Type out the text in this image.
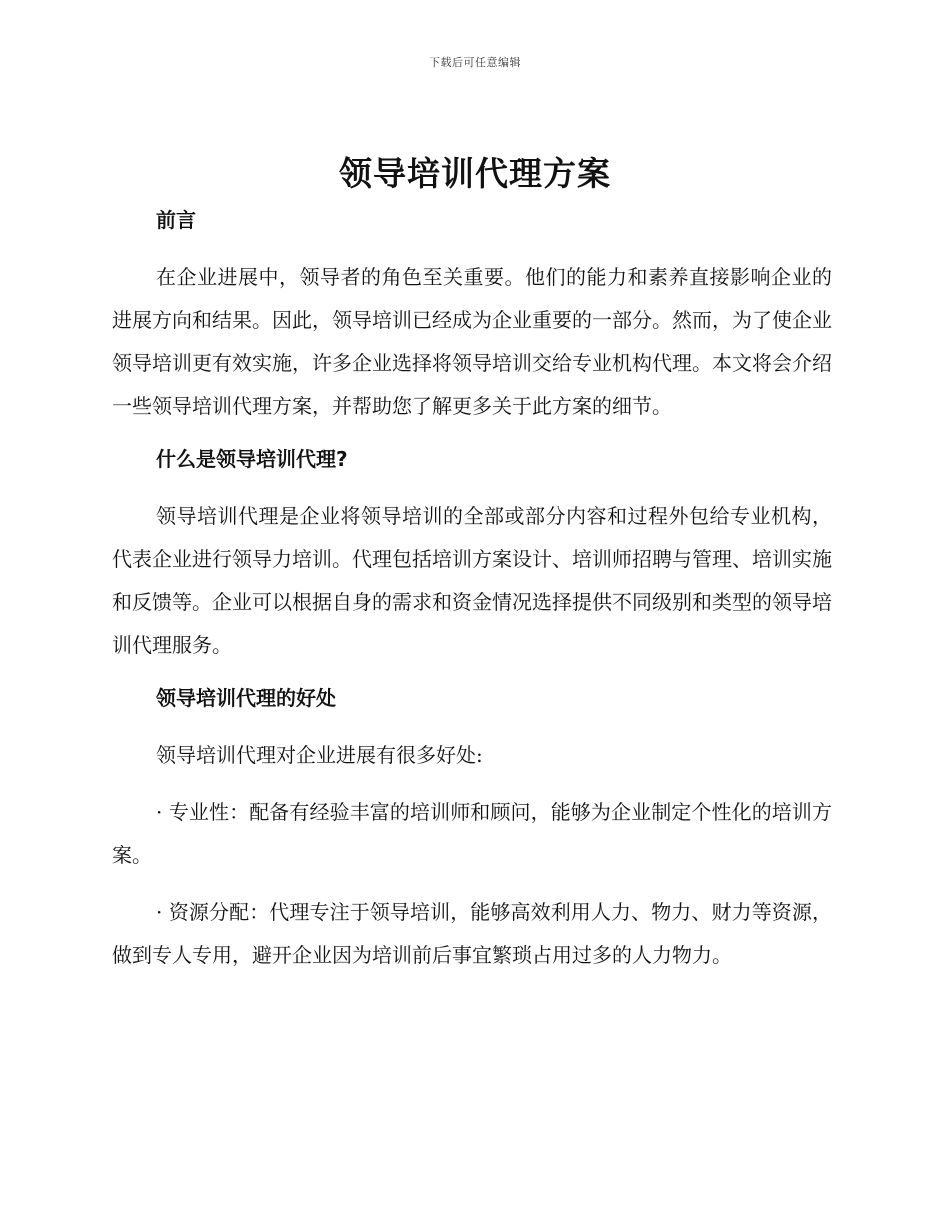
下载后可任意编辑
领导培训代理方案
前言

在企业进展中，领导者的角色至关重要。他们的能力和素养直接影响企业的进展方向和结果。因此，领导培训已经成为企业重要的一部分。然而，为了使企业领导培训更有效实施，许多企业选择将领导培训交给专业机构代理。本文将会介绍一些领导培训代理方案，并帮助您了解更多关于此方案的细节。

什么是领导培训代理?

领导培训代理是企业将领导培训的全部或部分内容和过程外包给专业机构，代表企业进行领导力培训。代理包括培训方案设计、培训师招聘与管理、培训实施和反馈等。企业可以根据自身的需求和资金情况选择提供不同级别和类型的领导培训代理服务。

领导培训代理的好处

领导培训代理对企业进展有很多好处:

· 专业性：配备有经验丰富的培训师和顾问，能够为企业制定个性化的培训方案。

· 资源分配：代理专注于领导培训，能够高效利用人力、物力、财力等资源，做到专人专用，避开企业因为培训前后事宜繁琐占用过多的人力物力。
